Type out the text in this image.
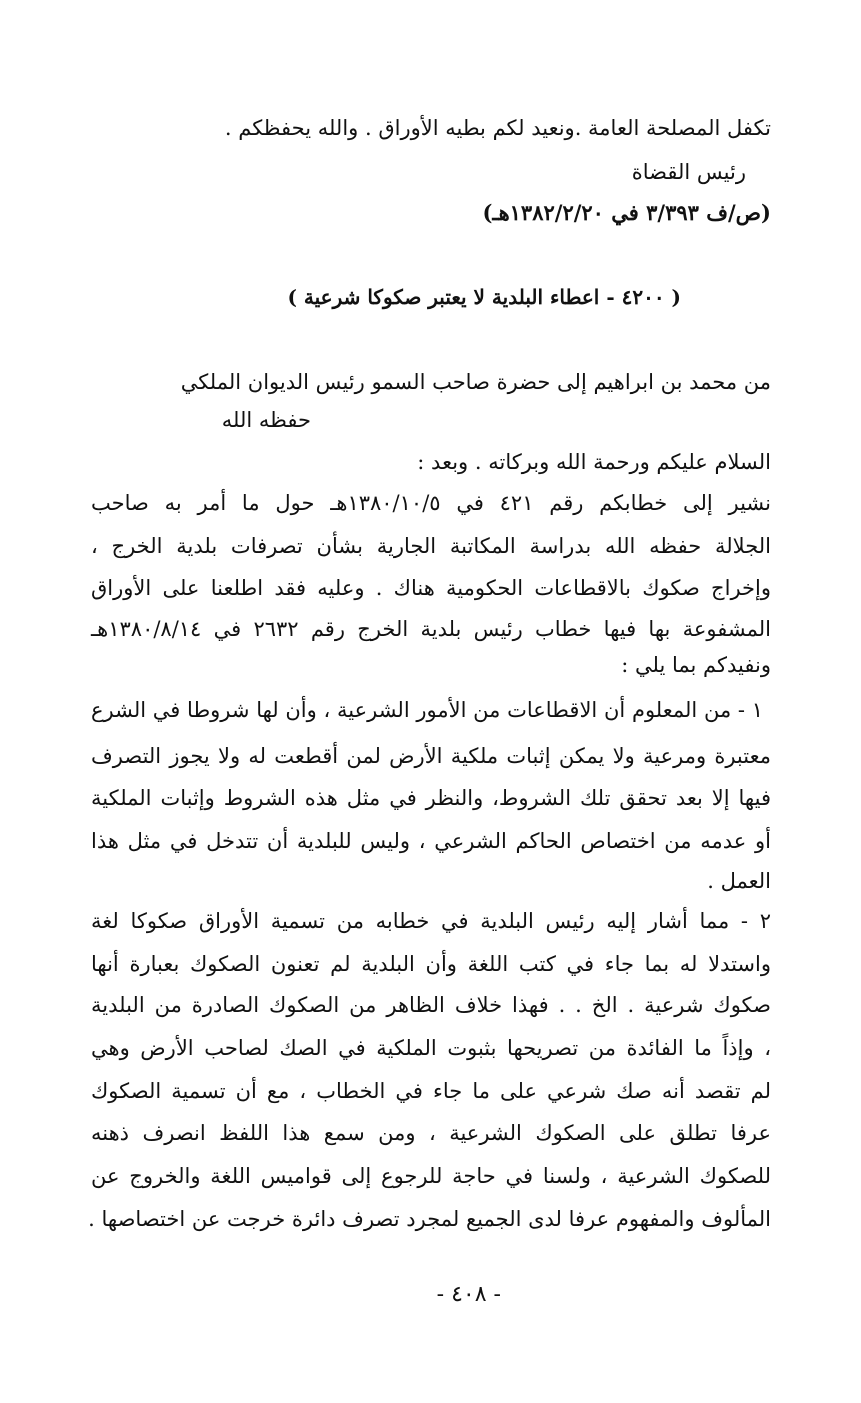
تكفل المصلحة العامة .ونعيد لكم بطيه الأوراق . والله يحفظكم .
رئيس القضاة
(ص/ف ٣/٣٩٣ في ١٣٨٢/٢/٢٠هـ)
( ٤٢٠٠ - اعطاء البلدية لا يعتبر صكوكا شرعية )
من محمد بن ابراهيم إلى حضرة صاحب السمو رئيس الديوان الملكي
حفظه الله
السلام عليكم ورحمة الله وبركاته . وبعد :
نشير إلى خطابكم رقم ٤٢١ في ١٣٨٠/١٠/٥هـ حول ما أمر به صاحب
الجلالة حفظه الله بدراسة المكاتبة الجارية بشأن تصرفات بلدية الخرج ،
وإخراج صكوك بالاقطاعات الحكومية هناك . وعليه فقد اطلعنا على الأوراق
المشفوعة بها فيها خطاب رئيس بلدية الخرج رقم ٢٦٣٢ في ١٣٨٠/٨/١٤هـ
ونفيدكم بما يلي :
١ - من المعلوم أن الاقطاعات من الأمور الشرعية ، وأن لها شروطا في الشرع
معتبرة ومرعية ولا يمكن إثبات ملكية الأرض لمن أقطعت له ولا يجوز التصرف
فيها إلا بعد تحقق تلك الشروط، والنظر في مثل هذه الشروط وإثبات الملكية
أو عدمه من اختصاص الحاكم الشرعي ، وليس للبلدية أن تتدخل في مثل هذا
العمل .
٢ - مما أشار إليه رئيس البلدية في خطابه من تسمية الأوراق صكوكا لغة
واستدلا له بما جاء في كتب اللغة وأن البلدية لم تعنون الصكوك بعبارة أنها
صكوك شرعية . الخ . . فهذا خلاف الظاهر من الصكوك الصادرة من البلدية
، وإذاً ما الفائدة من تصريحها بثبوت الملكية في الصك لصاحب الأرض وهي
لم تقصد أنه صك شرعي على ما جاء في الخطاب ، مع أن تسمية الصكوك
عرفا تطلق على الصكوك الشرعية ، ومن سمع هذا اللفظ انصرف ذهنه
للصكوك الشرعية ، ولسنا في حاجة للرجوع إلى قواميس اللغة والخروج عن
المألوف والمفهوم عرفا لدى الجميع لمجرد تصرف دائرة خرجت عن اختصاصها .
- ٤٠٨ -
